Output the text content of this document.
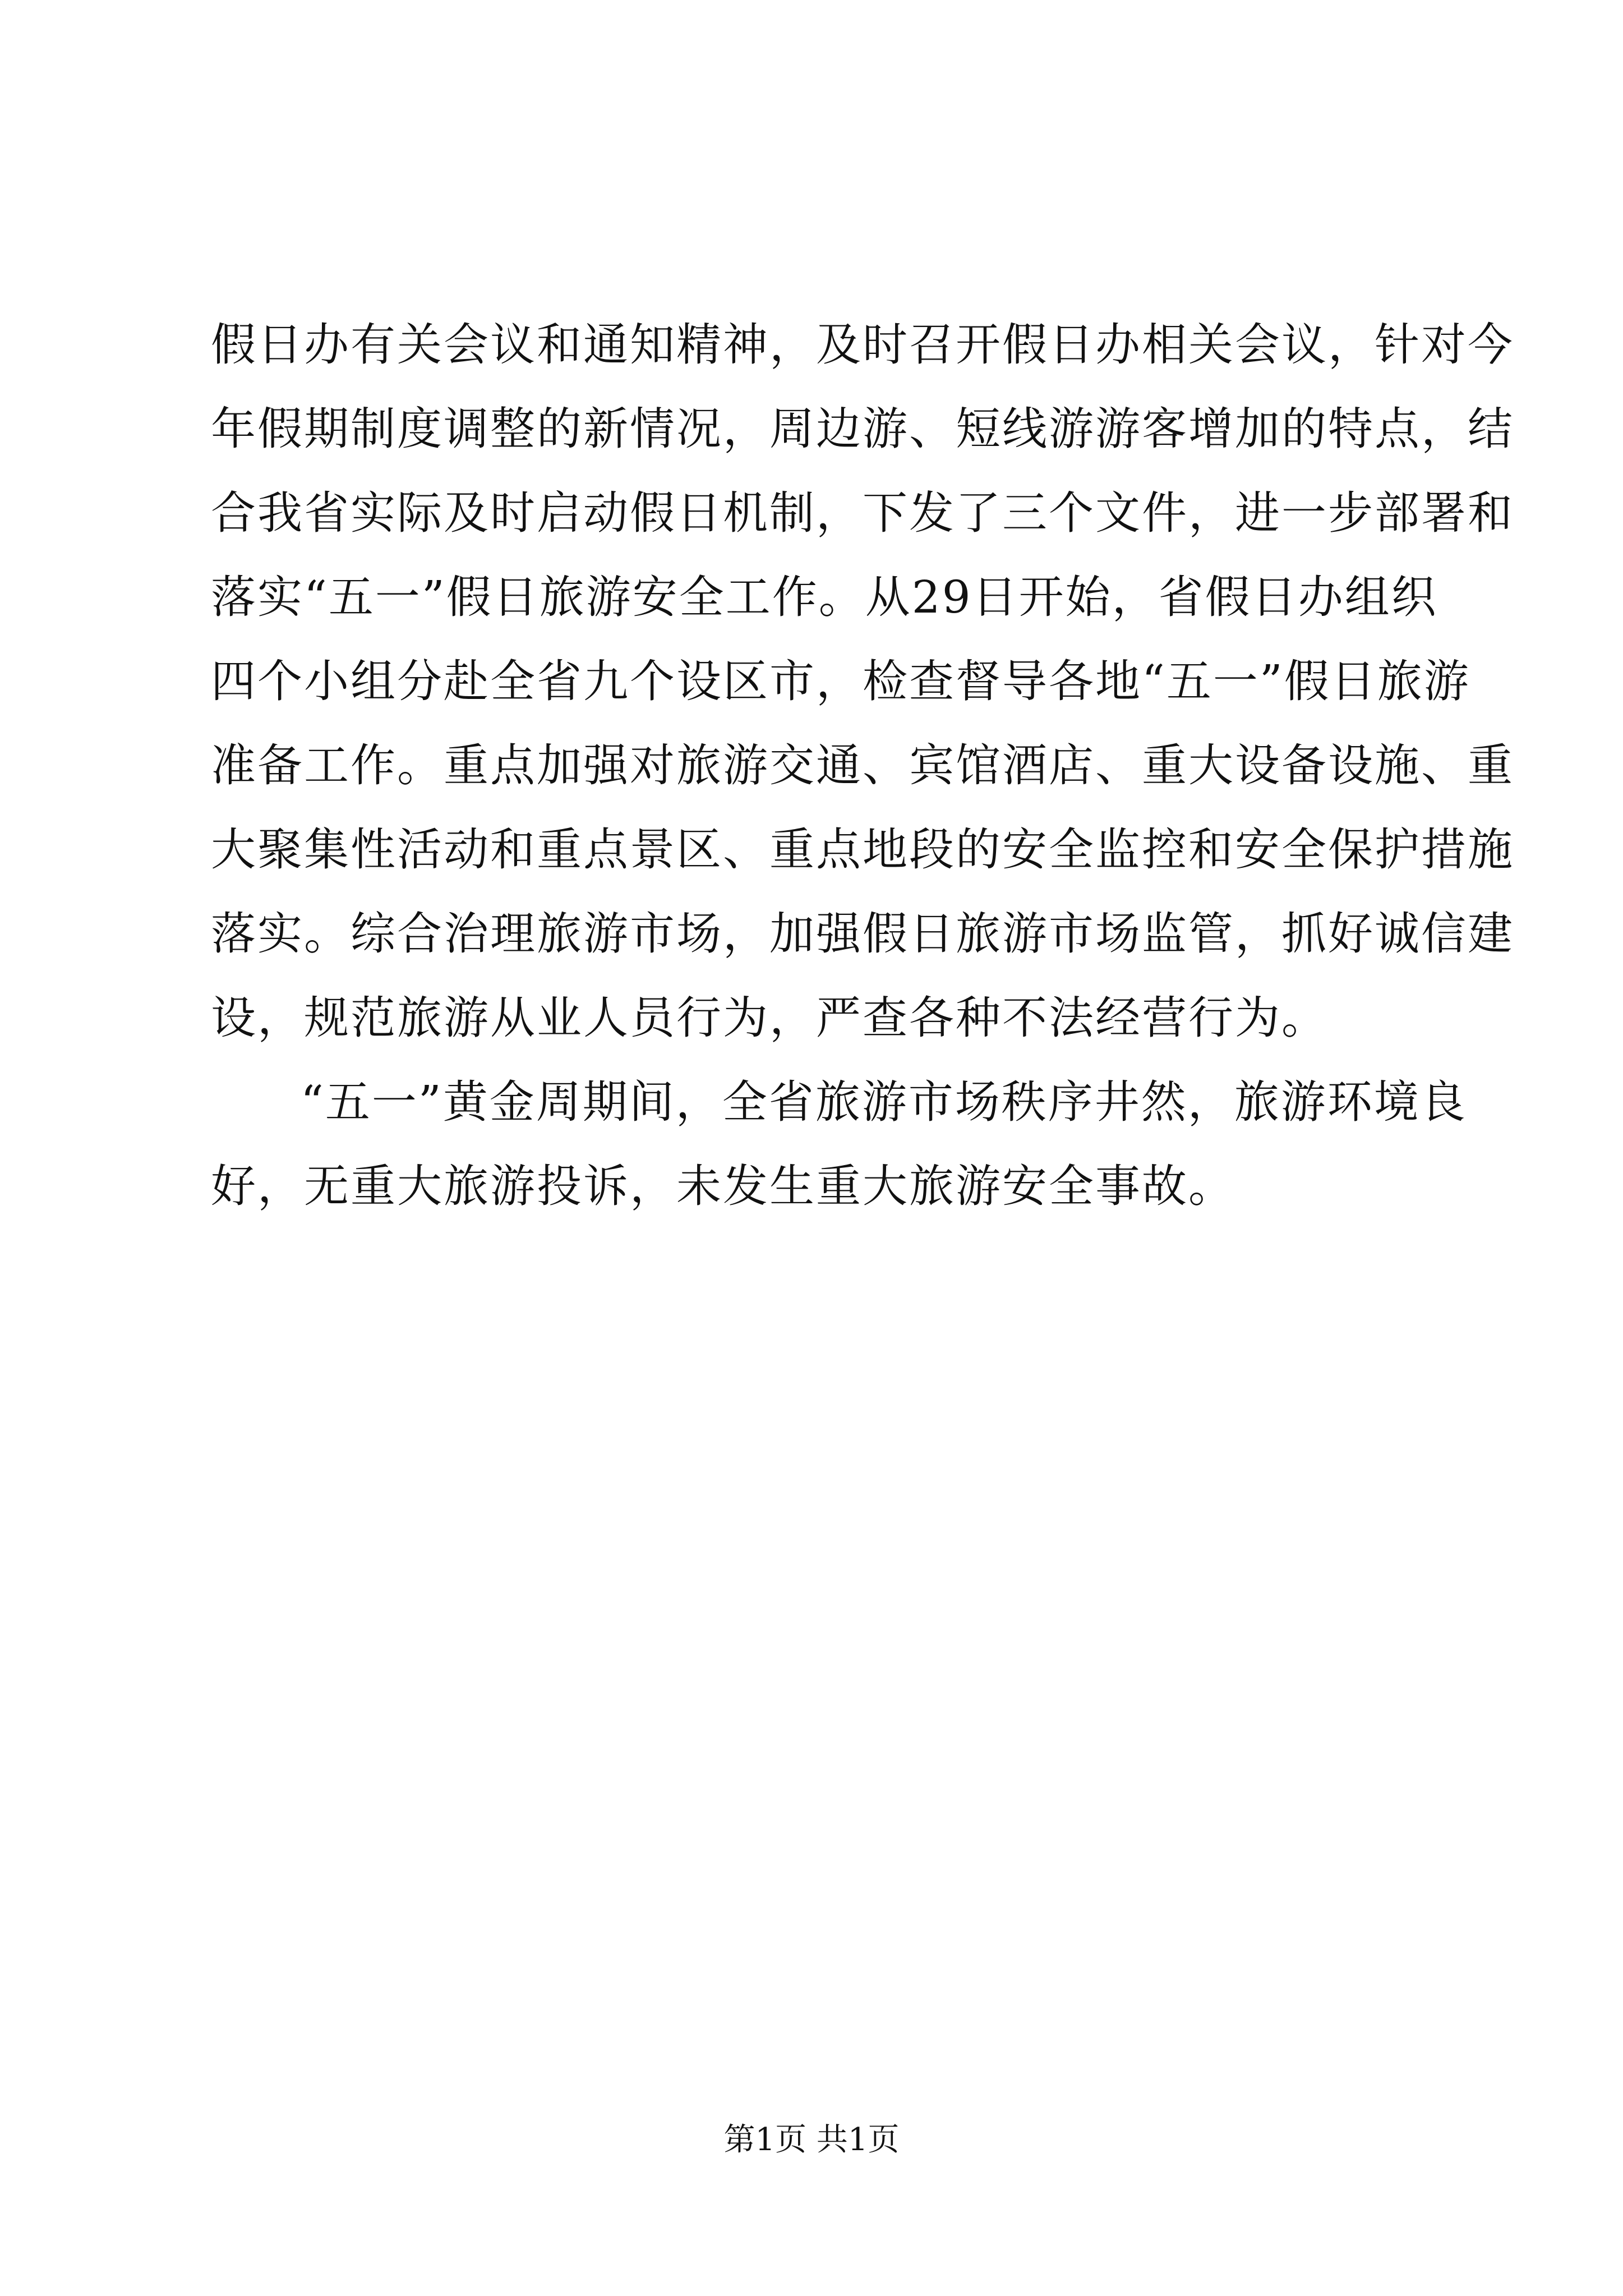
假日办有关会议和通知精神，及时召开假日办相关会议，针对今
年假期制度调整的新情况，周边游、短线游游客增加的特点，结
合我省实际及时启动假日机制，下发了三个文件，进一步部署和
落实“五一”假日旅游安全工作。从29日开始，省假日办组织
四个小组分赴全省九个设区市，检查督导各地“五一”假日旅游
准备工作。重点加强对旅游交通、宾馆酒店、重大设备设施、重
大聚集性活动和重点景区、重点地段的安全监控和安全保护措施
落实。综合治理旅游市场，加强假日旅游市场监管，抓好诚信建
设，规范旅游从业人员行为，严查各种不法经营行为。
“五一”黄金周期间，全省旅游市场秩序井然，旅游环境良
好，无重大旅游投诉，未发生重大旅游安全事故。
第1页 共1页
